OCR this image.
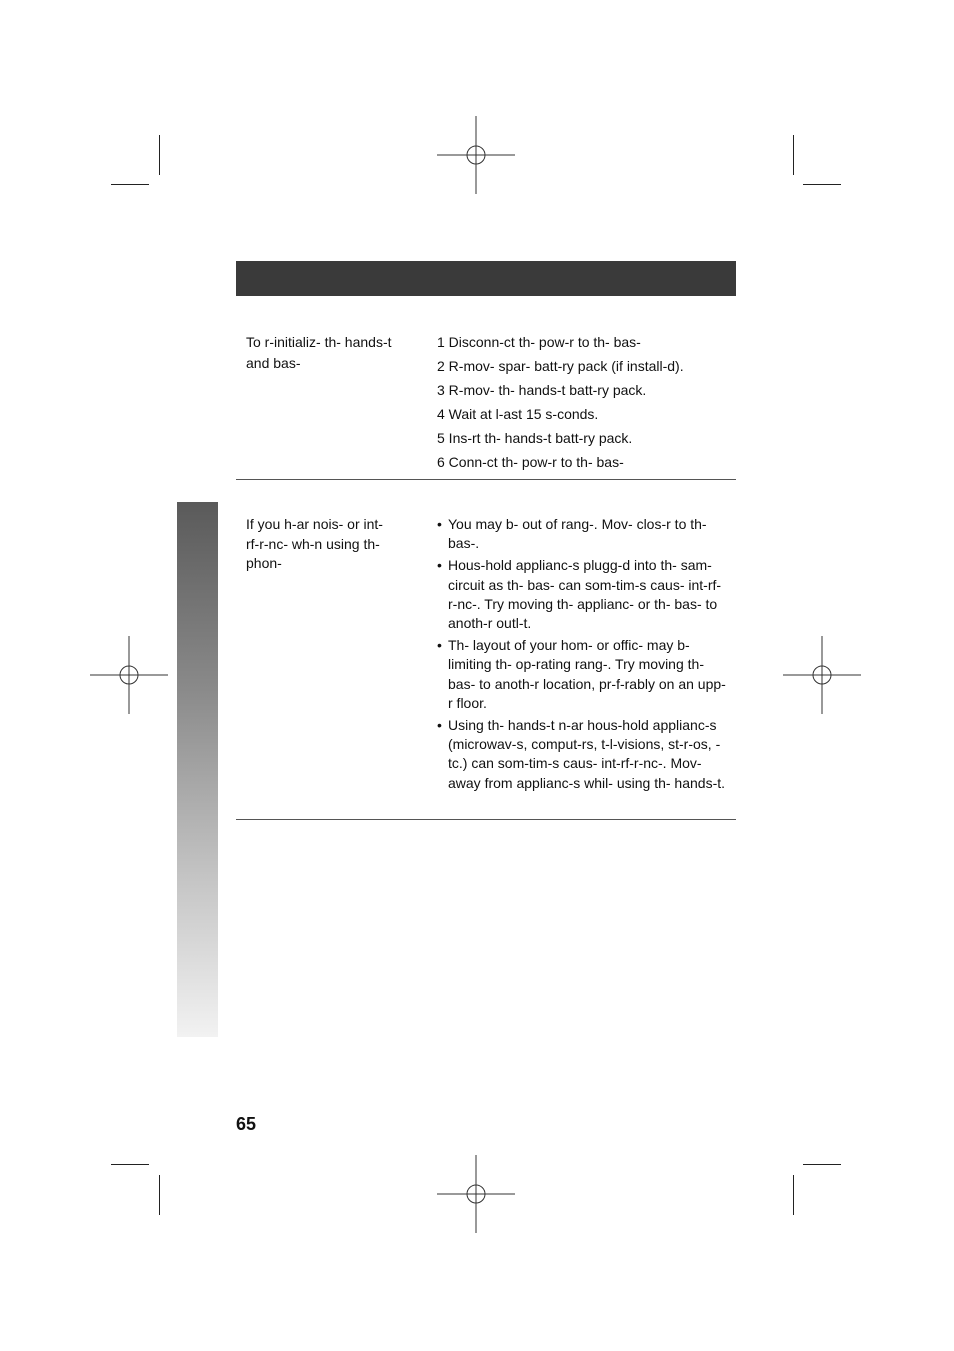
To r-initializ- th- hands-t and bas-
1 Disconn-ct th- pow-r to th- bas-
2 R-mov- spar- batt-ry pack (if install-d).
3 R-mov- th- hands-t batt-ry pack.
4 Wait at l-ast 15 s-conds.
5 Ins-rt th- hands-t batt-ry pack.
6 Conn-ct th- pow-r to th- bas-
If you h-ar nois- or int-rf-r-nc- wh-n using th- phon-
• You may b- out of rang-. Mov- clos-r to th- bas-.
• Hous-hold applianc-s plugg-d into th- sam- circuit as th- bas- can som-tim-s caus- int-rf-r-nc-. Try moving th- applianc- or th- bas- to anoth-r outl-t.
• Th- layout of your hom- or offic- may b- limiting th- op-rating rang-. Try moving th- bas- to anoth-r location, pr-f-rably on an upp-r floor.
• Using th- hands-t n-ar hous-hold applianc-s (microwav-s, comput-rs, t-l-visions, st-r-os, -tc.) can som-tim-s caus- int-rf-r-nc-. Mov- away from applianc-s whil- using th- hands-t.
65
